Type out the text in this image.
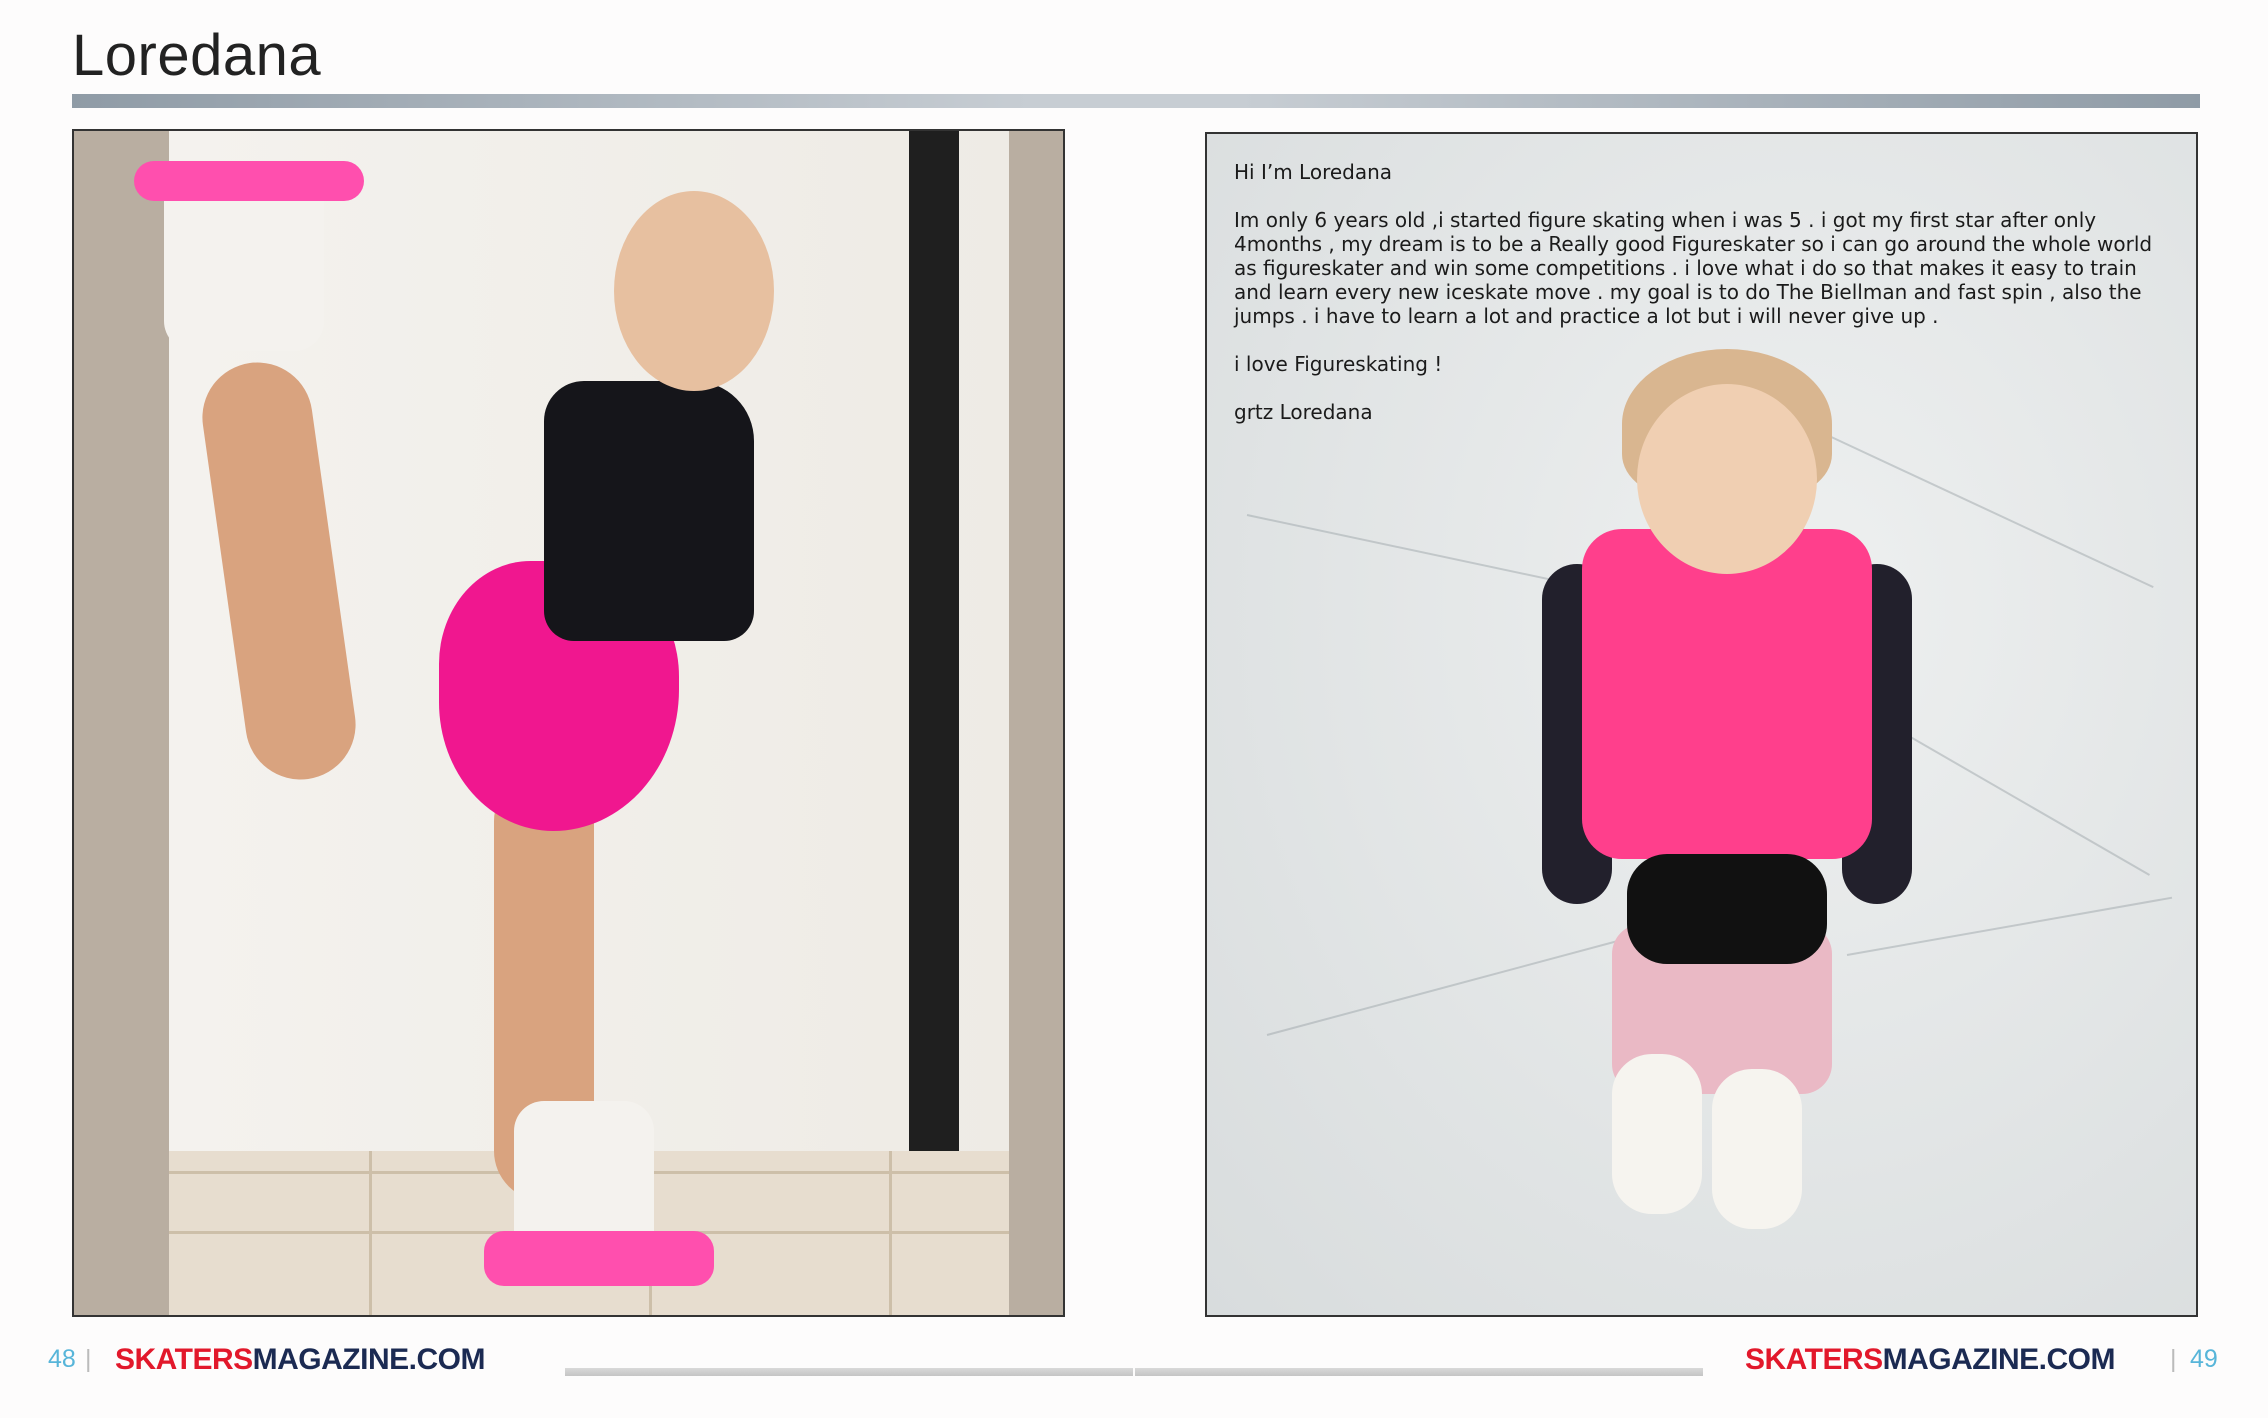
Loredana

Hi I’m Loredana

Im only 6 years old ,i started figure skating when i was 5 . i got my first star after only 4months , my dream is to be a Really good Figureskater so i can go around the whole world as figureskater and win some competitions . i love what i do so that makes it easy to train and learn every new iceskate move . my goal is to do The Biellman and fast spin , also the jumps . i have to learn a lot and practice a lot but i will never give up .

i love Figureskating !

grtz Loredana

48 | SKATERSMAGAZINE.COM	SKATERSMAGAZINE.COM | 49
